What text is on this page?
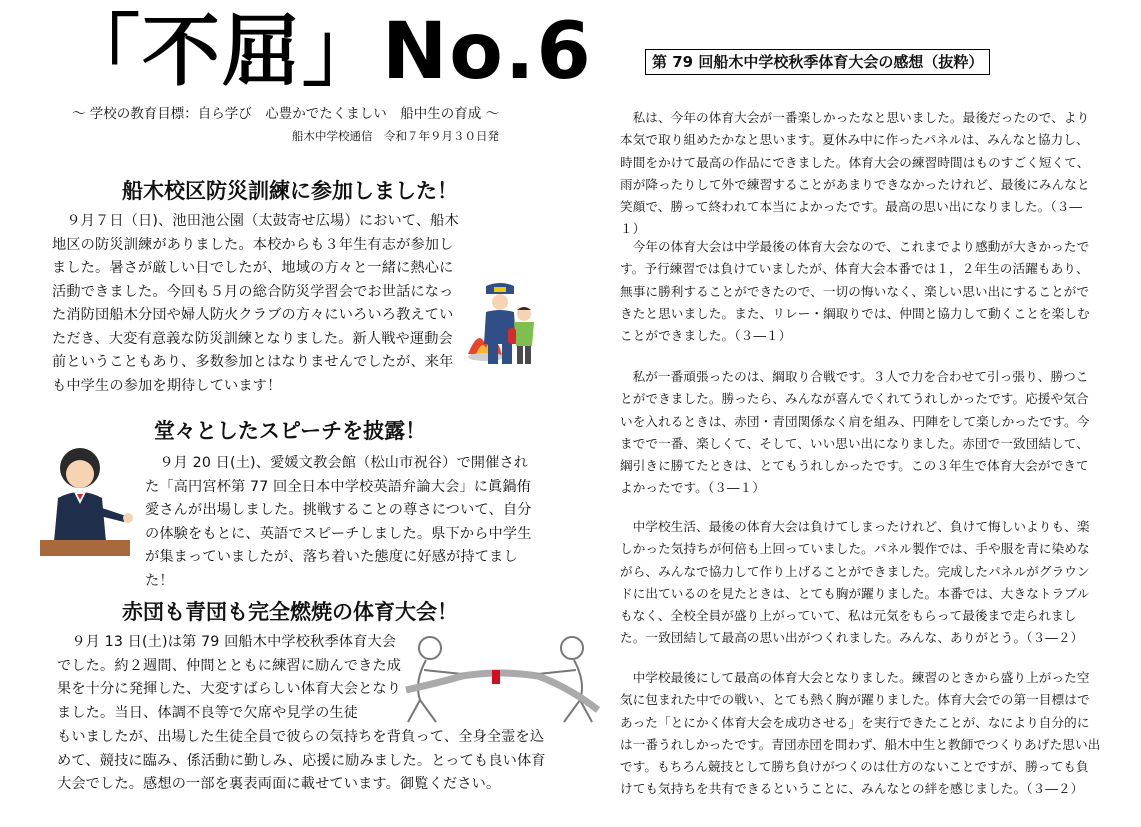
「不屈」No.6
～ 学校の教育目標：自ら学び　心豊かでたくましい　船中生の育成 ～
船木中学校通信　令和７年９月３０日発
船木校区防災訓練に参加しました！

　９月７日（日)、池田池公園（太鼓寄せ広場）において、船木地区の防災訓練がありました。本校からも３年生有志が参加しました。暑さが厳しい日でしたが、地域の方々と一緒に熱心に活動できました。今回も５月の総合防災学習会でお世話になった消防団船木分団や婦人防火クラブの方々にいろいろ教えていただき、大変有意義な防災訓練となりました。新人戦や運動会前ということもあり、多数参加とはなりませんでしたが、来年も中学生の参加を期待しています！

堂々としたスピーチを披露！

　９月 20 日(土)、愛媛文教会館（松山市祝谷）で開催された「高円宮杯第 77 回全日本中学校英語弁論大会」に眞鍋侑愛さんが出場しました。挑戦することの尊さについて、自分の体験をもとに、英語でスピーチしました。県下から中学生が集まっていましたが、落ち着いた態度に好感が持てました！

赤団も青団も完全燃焼の体育大会！

　９月 13 日(土)は第 79 回船木中学校秋季体育大会でした。約２週間、仲間とともに練習に励んできた成果を十分に発揮した、大変すばらしい体育大会となりました。当日、体調不良等で欠席や見学の生徒

もいましたが、出場した生徒全員で彼らの気持ちを背負って、全身全霊を込めて、競技に臨み、係活動に勤しみ、応援に励みました。とっても良い体育大会でした。感想の一部を裏表両面に載せています。御覧ください。

第 79 回船木中学校秋季体育大会の感想（抜粋）

私は、今年の体育大会が一番楽しかったなと思いました。最後だったので、より本気で取り組めたかなと思います。夏休み中に作ったパネルは、みんなと協力し、時間をかけて最高の作品にできました。体育大会の練習時間はものすごく短くて、雨が降ったりして外で練習することがあまりできなかったけれど、最後にみんなと笑顔で、勝って終われて本当によかったです。最高の思い出になりました。（３―１）

今年の体育大会は中学最後の体育大会なので、これまでより感動が大きかったです。予行練習では負けていましたが、体育大会本番では１，２年生の活躍もあり、無事に勝利することができたので、一切の悔いなく、楽しい思い出にすることができたと思いました。また、リレー・綱取りでは、仲間と協力して動くことを楽しむことができました。（３―１）

私が一番頑張ったのは、綱取り合戦です。３人で力を合わせて引っ張り、勝つことができました。勝ったら、みんなが喜んでくれてうれしかったです。応援や気合いを入れるときは、赤団・青団関係なく肩を組み、円陣をして楽しかったです。今までで一番、楽しくて、そして、いい思い出になりました。赤団で一致団結して、綱引きに勝てたときは、とてもうれしかったです。この３年生で体育大会ができてよかったです。（３―１）

中学校生活、最後の体育大会は負けてしまったけれど、負けて悔しいよりも、楽しかった気持ちが何倍も上回っていました。パネル製作では、手や服を青に染めながら、みんなで協力して作り上げることができました。完成したパネルがグラウンドに出ているのを見たときは、とても胸が躍りました。本番では、大きなトラブルもなく、全校全員が盛り上がっていて、私は元気をもらって最後まで走られました。一致団結して最高の思い出がつくれました。みんな、ありがとう。（３―２）

中学校最後にして最高の体育大会となりました。練習のときから盛り上がった空気に包まれた中での戦い、とても熱く胸が躍りました。体育大会での第一目標はであった「とにかく体育大会を成功させる」を実行できたことが、なにより自分的には一番うれしかったです。青団赤団を問わず、船木中生と教師でつくりあげた思い出です。もちろん競技として勝ち負けがつくのは仕方のないことですが、勝っても負けても気持ちを共有できるということに、みんなとの絆を感じました。（３―２）
